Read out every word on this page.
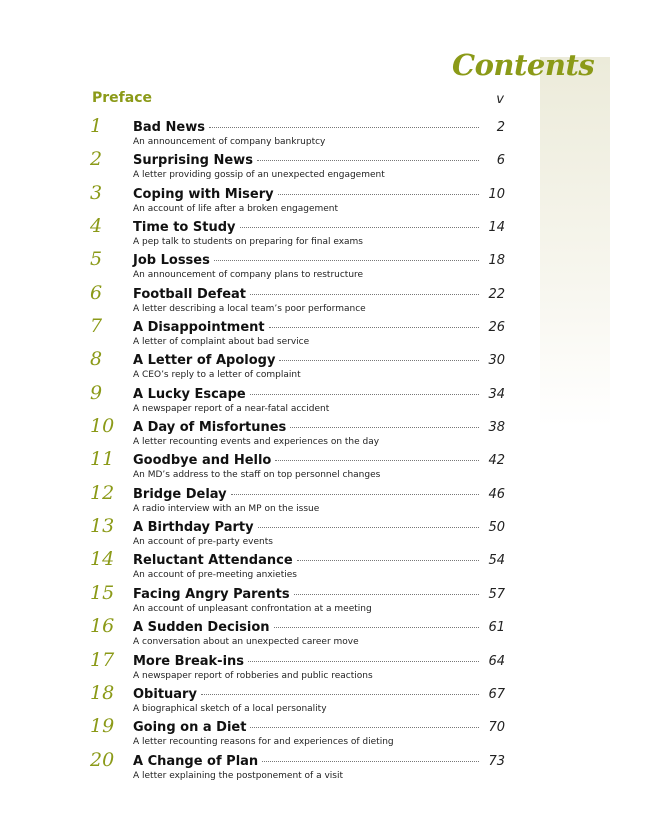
Contents
Preface	v
1 Bad News	2
An announcement of company bankruptcy
2 Surprising News	6
A letter providing gossip of an unexpected engagement
3 Coping with Misery	10
An account of life after a broken engagement
4 Time to Study	14
A pep talk to students on preparing for final exams
5 Job Losses	18
An announcement of company plans to restructure
6 Football Defeat	22
A letter describing a local team’s poor performance
7 A Disappointment	26
A letter of complaint about bad service
8 A Letter of Apology	30
A CEO’s reply to a letter of complaint
9 A Lucky Escape	34
A newspaper report of a near-fatal accident
10 A Day of Misfortunes	38
A letter recounting events and experiences on the day
11 Goodbye and Hello	42
An MD’s address to the staff on top personnel changes
12 Bridge Delay	46
A radio interview with an MP on the issue
13 A Birthday Party	50
An account of pre-party events
14 Reluctant Attendance	54
An account of pre-meeting anxieties
15 Facing Angry Parents	57
An account of unpleasant confrontation at a meeting
16 A Sudden Decision	61
A conversation about an unexpected career move
17 More Break-ins	64
A newspaper report of robberies and public reactions
18 Obituary	67
A biographical sketch of a local personality
19 Going on a Diet	70
A letter recounting reasons for and experiences of dieting
20 A Change of Plan	73
A letter explaining the postponement of a visit
